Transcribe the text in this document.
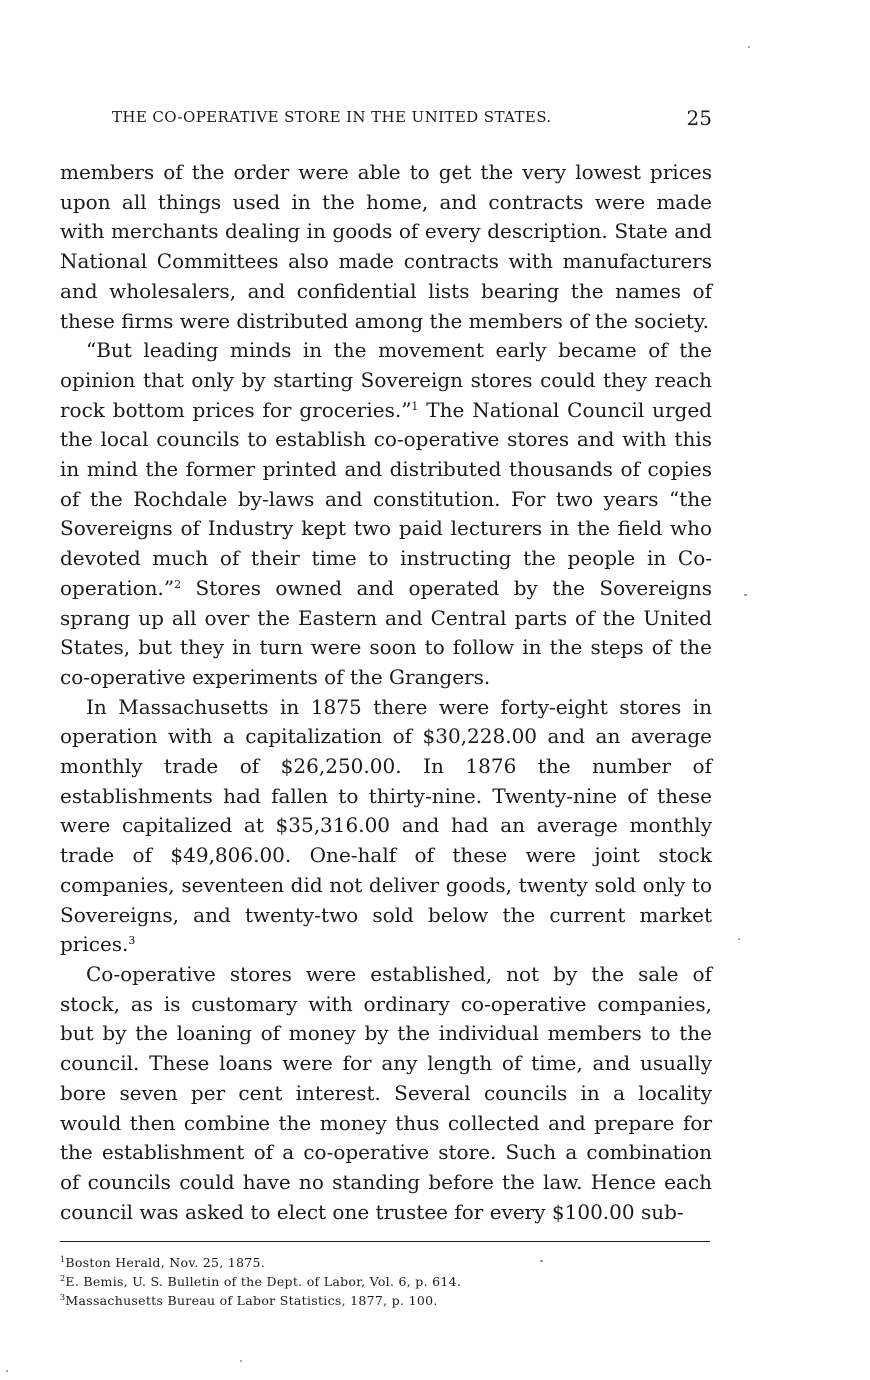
THE CO-OPERATIVE STORE IN THE UNITED STATES.	25

members of the order were able to get the very lowest prices upon all things used in the home, and contracts were made with merchants dealing in goods of every description. State and National Committees also made contracts with manufacturers and wholesalers, and confidential lists bearing the names of these firms were distributed among the members of the society.

“But leading minds in the movement early became of the opinion that only by starting Sovereign stores could they reach rock bottom prices for groceries.”$^1$ The National Council urged the local councils to establish co-operative stores and with this in mind the former printed and distributed thousands of copies of the Rochdale by-laws and constitution. For two years “the Sovereigns of Industry kept two paid lecturers in the field who devoted much of their time to instructing the people in Co-operation.”$^2$ Stores owned and operated by the Sovereigns sprang up all over the Eastern and Central parts of the United States, but they in turn were soon to follow in the steps of the co-operative experiments of the Grangers.

In Massachusetts in 1875 there were forty-eight stores in operation with a capitalization of $30,228.00 and an average monthly trade of $26,250.00. In 1876 the number of establishments had fallen to thirty-nine. Twenty-nine of these were capitalized at $35,316.00 and had an average monthly trade of $49,806.00. One-half of these were joint stock companies, seventeen did not deliver goods, twenty sold only to Sovereigns, and twenty-two sold below the current market prices.$^3$

Co-operative stores were established, not by the sale of stock, as is customary with ordinary co-operative companies, but by the loaning of money by the individual members to the council. These loans were for any length of time, and usually bore seven per cent interest. Several councils in a locality would then combine the money thus collected and prepare for the establishment of a co-operative store. Such a combination of councils could have no standing before the law. Hence each council was asked to elect one trustee for every $100.00 sub-

$^1$Boston Herald, Nov. 25, 1875.

$^2$E. Bemis, U. S. Bulletin of the Dept. of Labor, Vol. 6, p. 614.

$^3$Massachusetts Bureau of Labor Statistics, 1877, p. 100.
